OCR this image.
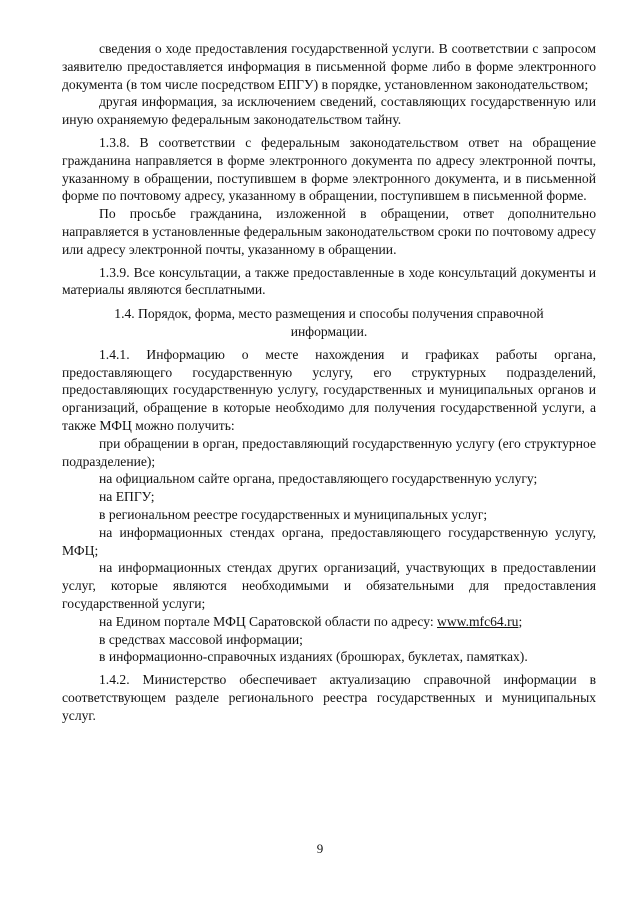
сведения о ходе предоставления государственной услуги. В соответствии с запросом заявителю предоставляется информация в письменной форме либо в форме электронного документа (в том числе посредством ЕПГУ) в порядке, установленном законодательством;

другая информация, за исключением сведений, составляющих государственную или иную охраняемую федеральным законодательством тайну.

1.3.8. В соответствии с федеральным законодательством ответ на обращение гражданина направляется в форме электронного документа по адресу электронной почты, указанному в обращении, поступившем в форме электронного документа, и в письменной форме по почтовому адресу, указанному в обращении, поступившем в письменной форме.

По просьбе гражданина, изложенной в обращении, ответ дополнительно направляется в установленные федеральным законодательством сроки по почтовому адресу или адресу электронной почты, указанному в обращении.

1.3.9. Все консультации, а также предоставленные в ходе консультаций документы и материалы являются бесплатными.

1.4. Порядок, форма, место размещения и способы получения справочной информации.

1.4.1. Информацию о месте нахождения и графиках работы органа, предоставляющего государственную услугу, его структурных подразделений, предоставляющих государственную услугу, государственных и муниципальных органов и организаций, обращение в которые необходимо для получения государственной услуги, а также МФЦ можно получить:

при обращении в орган, предоставляющий государственную услугу (его структурное подразделение);

на официальном сайте органа, предоставляющего государственную услугу;

на ЕПГУ;

в региональном реестре государственных и муниципальных услуг;

на информационных стендах органа, предоставляющего государственную услугу, МФЦ;

на информационных стендах других организаций, участвующих в предоставлении услуг, которые являются необходимыми и обязательными для предоставления государственной услуги;

на Едином портале МФЦ Саратовской области по адресу: www.mfc64.ru;

в средствах массовой информации;

в информационно-справочных изданиях (брошюрах, буклетах, памятках).

1.4.2. Министерство обеспечивает актуализацию справочной информации в соответствующем разделе регионального реестра государственных и муниципальных услуг.

9
